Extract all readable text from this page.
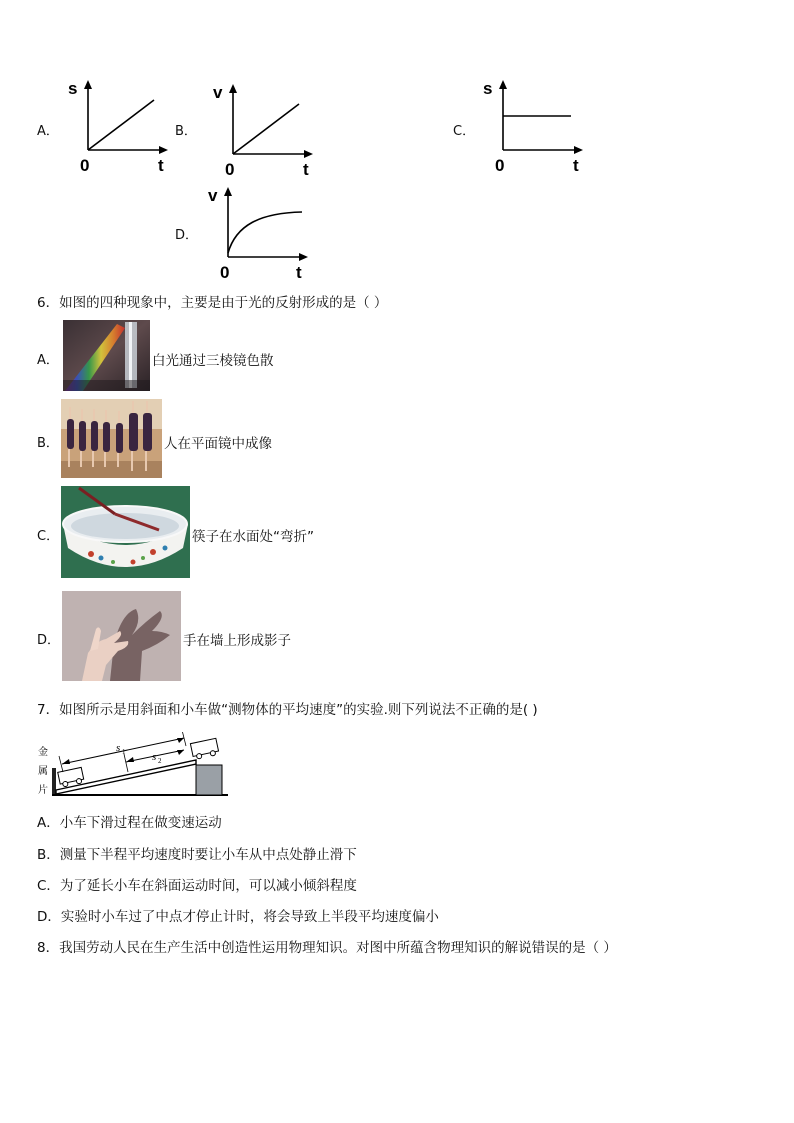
A．
s
t
0
B．
v
t
0
C．
s
t
0
D．
v
t
0
6．如图的四种现象中，主要是由于光的反射形成的是（ ）
A．	白光通过三棱镜色散
B．	人在平面镜中成像
C．	筷子在水面处“弯折”
D．	手在墙上形成影子
7．如图所示是用斜面和小车做“测物体的平均速度”的实验.则下列说法不正确的是( )
金
属
片
s 1 s 2
A．小车下滑过程在做变速运动
B．测量下半程平均速度时要让小车从中点处静止滑下
C．为了延长小车在斜面运动时间，可以减小倾斜程度
D．实验时小车过了中点才停止计时，将会导致上半段平均速度偏小
8．我国劳动人民在生产生活中创造性运用物理知识。对图中所蕴含物理知识的解说错误的是（ ）
